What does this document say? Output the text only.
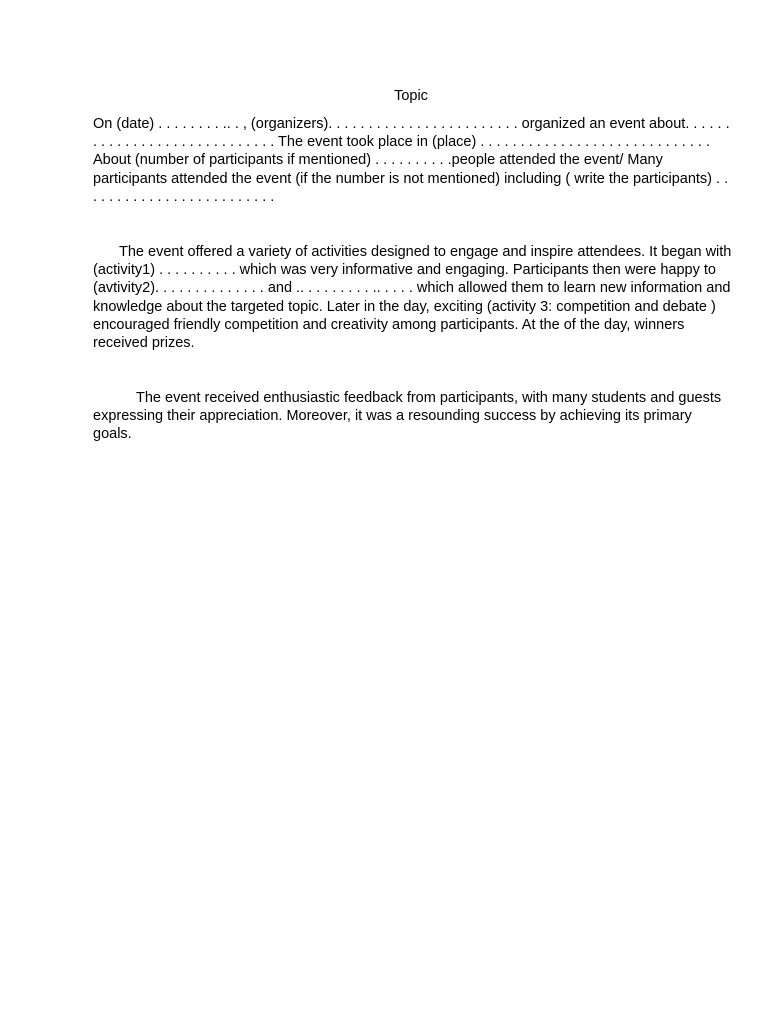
Topic

On (date) . . . . . . . . .. . , (organizers). . . . . . . . . . . . . . . . . . . . . . . . organized an event about. . . . . . . . . . . . . . . . . . . . . . . . . . . . . The event took place in (place) . . . . . . . . . . . . . . . . . . . . . . . . . . . . . About (number of participants if mentioned) . . . . . . . . . .people attended the event/ Many participants attended the event (if the number is not mentioned) including ( write the participants) . . . . . . . . . . . . . . . . . . . . . . . . .

The event offered a variety of activities designed to engage and inspire attendees. It began with (activity1) . . . . . . . . . . which was very informative and engaging. Participants then were happy to (avtivity2). . . . . . . . . . . . . . and .. . . . . . . . . .. . . . . which allowed them to learn new information and knowledge about the targeted topic. Later in the day, exciting (activity 3: competition and debate ) encouraged friendly competition and creativity among participants. At the of the day, winners received prizes.

The event received enthusiastic feedback from participants, with many students and guests expressing their appreciation. Moreover, it was a resounding success by achieving its primary goals.
